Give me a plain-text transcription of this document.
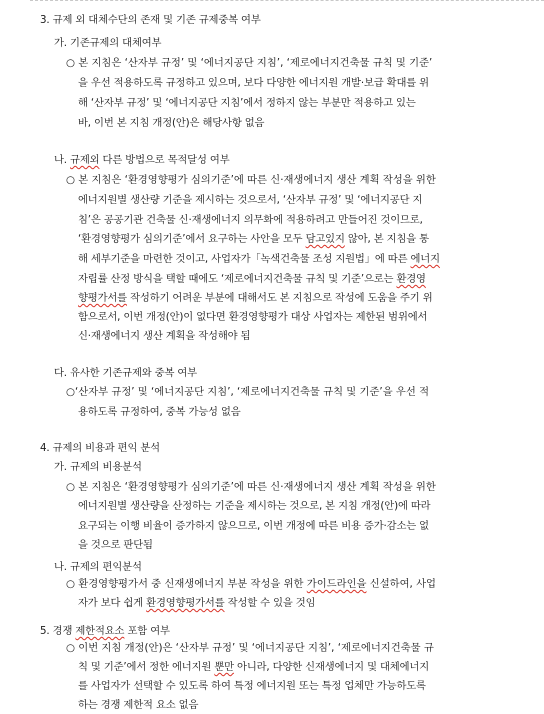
3. 규제 외 대체수단의 존재 및 기존 규제중복 여부
가. 기존규제의 대체여부
○ 본 지침은 ‘산자부 규정’ 및 ‘에너지공단 지침’, ‘제로에너지건축물 규칙 및 기준’
을 우선 적용하도록 규정하고 있으며, 보다 다양한 에너지원 개발·보급 확대를 위
해 ‘산자부 규정’ 및 ‘에너지공단 지침’에서 정하지 않는 부분만 적용하고 있는
바, 이번 본 지침 개정(안)은 해당사항 없음
나. 규제외 다른 방법으로 목적달성 여부
○ 본 지침은 ‘환경영향평가 심의기준’에 따른 신·재생에너지 생산 계획 작성을 위한
에너지원별 생산량 기준을 제시하는 것으로서, ‘산자부 규정’ 및 ‘에너지공단 지
침’은 공공기관 건축물 신·재생에너지 의무화에 적용하려고 만들어진 것이므로,
‘환경영향평가 심의기준’에서 요구하는 사안을 모두 담고있지 않아, 본 지침을 통
해 세부기준을 마련한 것이고, 사업자가「녹색건축물 조성 지원법」에 따른 에너지
자립률 산정 방식을 택할 때에도 ‘제로에너지건축물 규칙 및 기준’으로는 환경영
향평가서를 작성하기 어려운 부분에 대해서도 본 지침으로 작성에 도움을 주기 위
함으로서, 이번 개정(안)이 없다면 환경영향평가 대상 사업자는 제한된 범위에서
신·재생에너지 생산 계획을 작성해야 됨
다. 유사한 기존규제와 중복 여부
○‘산자부 규정’ 및 ‘에너지공단 지침’, ‘제로에너지건축물 규칙 및 기준’을 우선 적
용하도록 규정하여, 중복 가능성 없음
4. 규제의 비용과 편익 분석
가. 규제의 비용분석
○ 본 지침은 ‘환경영향평가 심의기준’에 따른 신·재생에너지 생산 계획 작성을 위한
에너지원별 생산량을 산정하는 기준을 제시하는 것으로, 본 지침 개정(안)에 따라
요구되는 이행 비율이 증가하지 않으므로, 이번 개정에 따른 비용 증가·감소는 없
을 것으로 판단됨
나. 규제의 편익분석
○ 환경영향평가서 중 신재생에너지 부분 작성을 위한 가이드라인을 신설하여, 사업
자가 보다 쉽게 환경영향평가서를 작성할 수 있을 것임
5. 경쟁 제한적요소 포함 여부
○ 이번 지침 개정(안)은 ‘산자부 규정’ 및 ‘에너지공단 지침’, ‘제로에너지건축물 규
칙 및 기준’에서 정한 에너지원 뿐만 아니라, 다양한 신재생에너지 및 대체에너지
를 사업자가 선택할 수 있도록 하여 특정 에너지원 또는 특정 업체만 가능하도록
하는 경쟁 제한적 요소 없음
